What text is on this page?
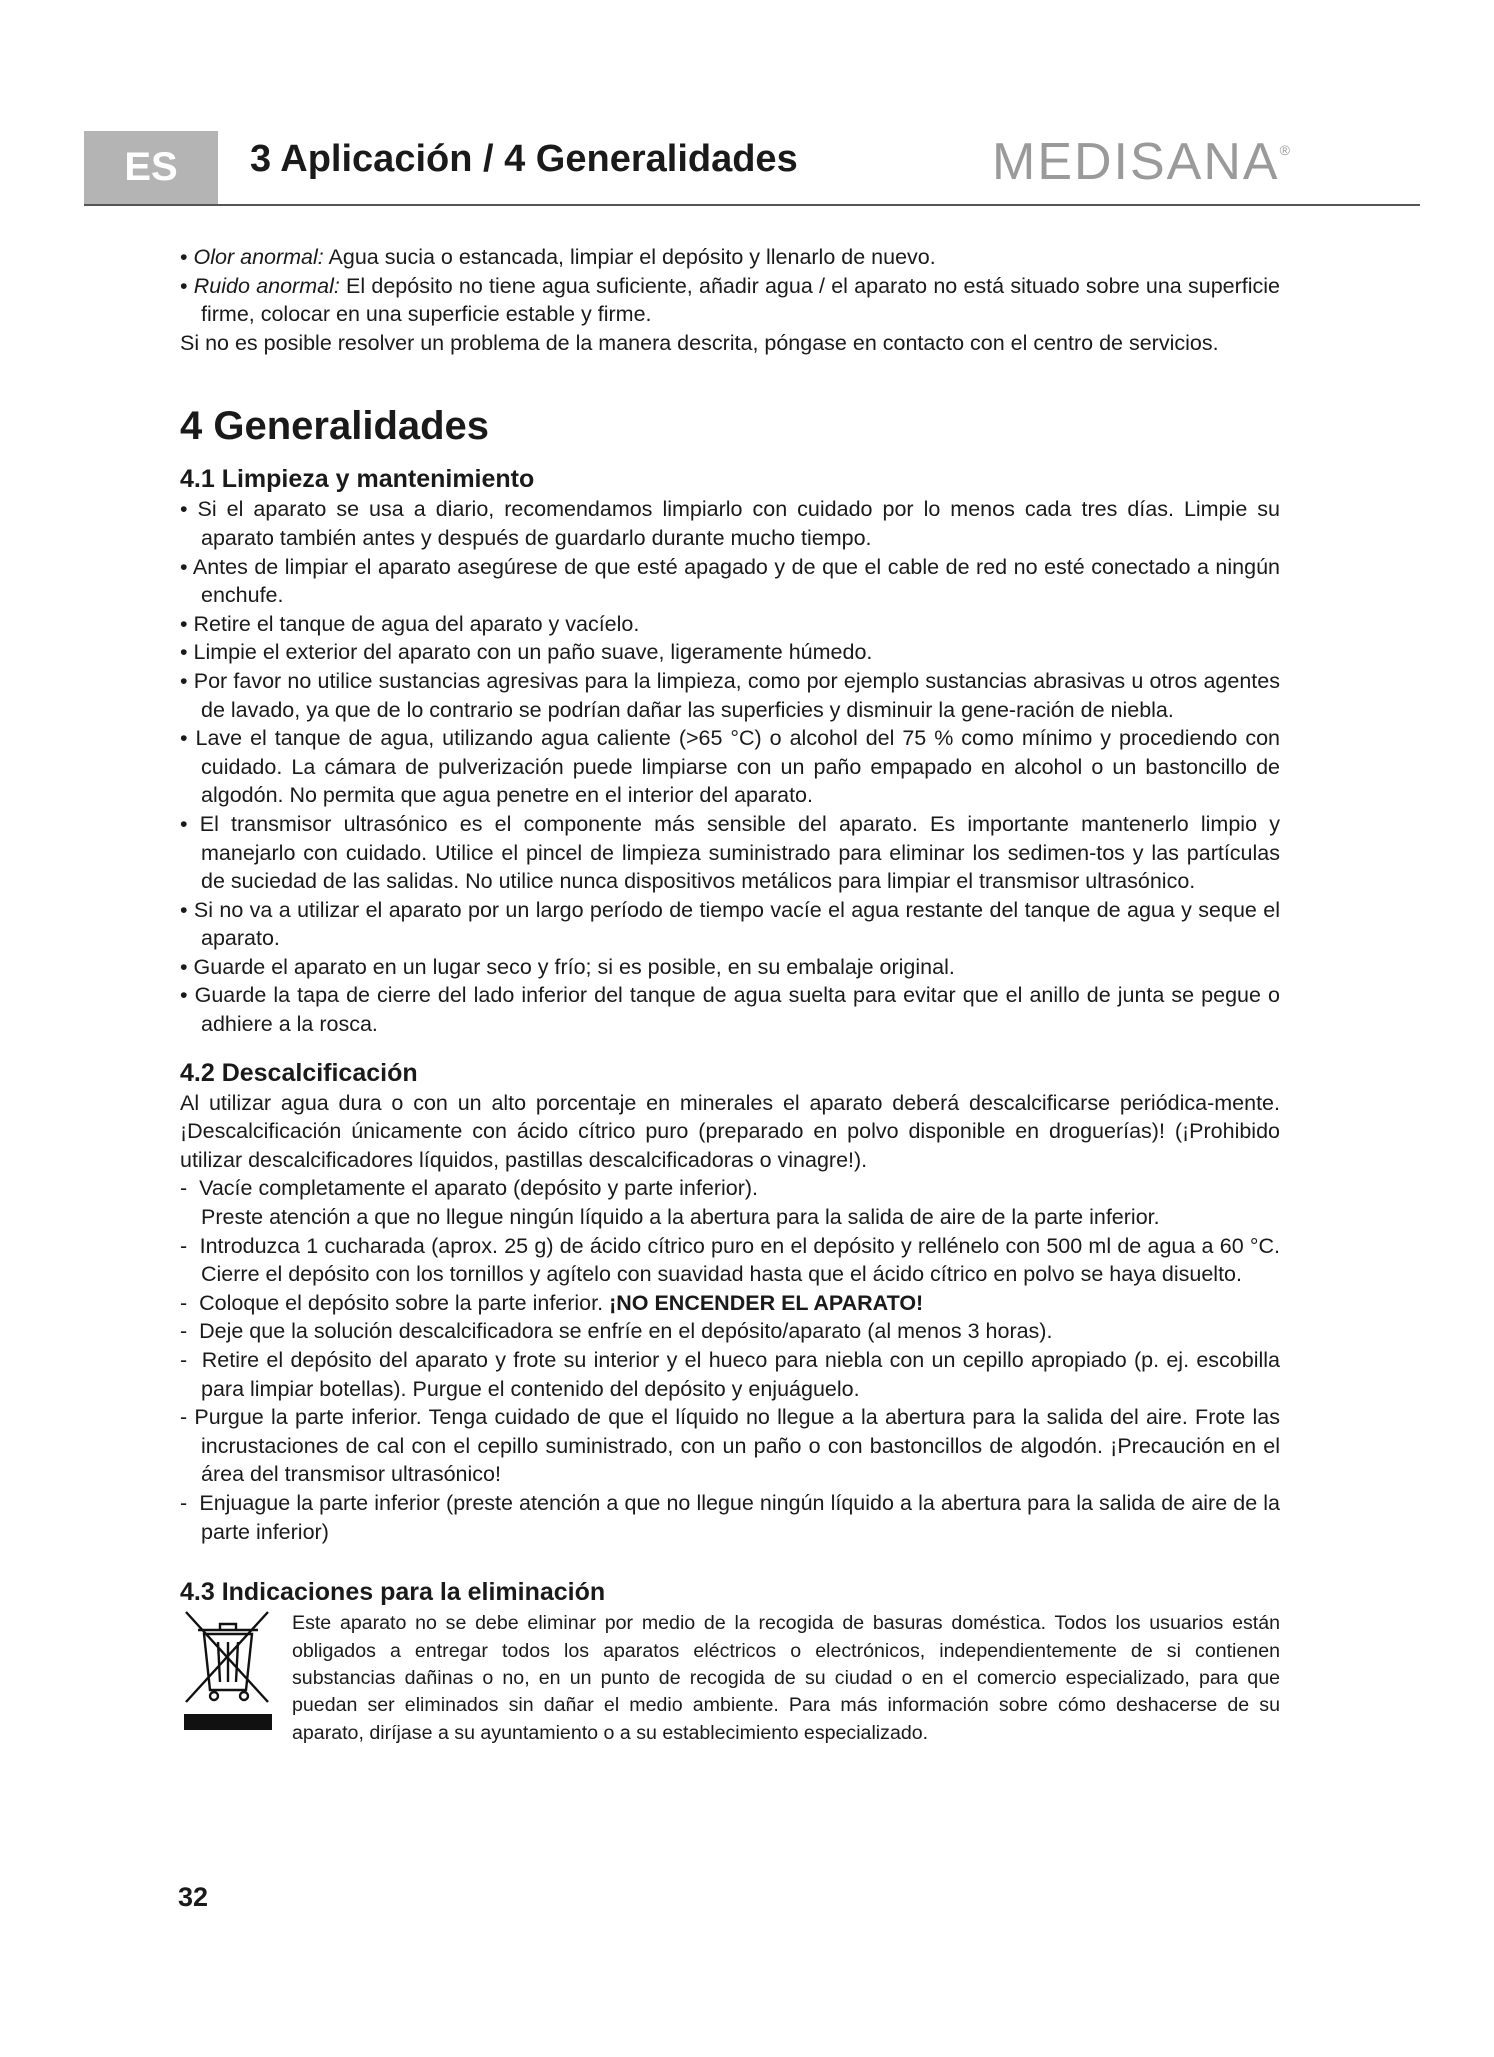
ES	3 Aplicación / 4 Generalidades	MEDISANA®

• Olor anormal: Agua sucia o estancada, limpiar el depósito y llenarlo de nuevo.

• Ruido anormal: El depósito no tiene agua suficiente, añadir agua / el aparato no está situado sobre una superficie firme, colocar en una superficie estable y firme.

Si no es posible resolver un problema de la manera descrita, póngase en contacto con el centro de servicios.

4 Generalidades
4.1 Limpieza y mantenimiento

• Si el aparato se usa a diario, recomendamos limpiarlo con cuidado por lo menos cada tres días. Limpie su aparato también antes y después de guardarlo durante mucho tiempo.

• Antes de limpiar el aparato asegúrese de que esté apagado y de que el cable de red no esté conectado a ningún enchufe.

• Retire el tanque de agua del aparato y vacíelo.

• Limpie el exterior del aparato con un paño suave, ligeramente húmedo.

• Por favor no utilice sustancias agresivas para la limpieza, como por ejemplo sustancias abrasivas u otros agentes de lavado, ya que de lo contrario se podrían dañar las superficies y disminuir la gene-ración de niebla.

• Lave el tanque de agua, utilizando agua caliente (>65 °C) o alcohol del 75 % como mínimo y procediendo con cuidado. La cámara de pulverización puede limpiarse con un paño empapado en alcohol o un bastoncillo de algodón. No permita que agua penetre en el interior del aparato.

• El transmisor ultrasónico es el componente más sensible del aparato. Es importante mantenerlo limpio y manejarlo con cuidado. Utilice el pincel de limpieza suministrado para eliminar los sedimen-tos y las partículas de suciedad de las salidas. No utilice nunca dispositivos metálicos para limpiar el transmisor ultrasónico.

• Si no va a utilizar el aparato por un largo período de tiempo vacíe el agua restante del tanque de agua y seque el aparato.

• Guarde el aparato en un lugar seco y frío; si es posible, en su embalaje original.

• Guarde la tapa de cierre del lado inferior del tanque de agua suelta para evitar que el anillo de junta se pegue o adhiere a la rosca.

4.2 Descalcificación

Al utilizar agua dura o con un alto porcentaje en minerales el aparato deberá descalcificarse periódica-mente. ¡Descalcificación únicamente con ácido cítrico puro (preparado en polvo disponible en droguerías)! (¡Prohibido utilizar descalcificadores líquidos, pastillas descalcificadoras o vinagre!).

-  Vacíe completamente el aparato (depósito y parte inferior).

Preste atención a que no llegue ningún líquido a la abertura para la salida de aire de la parte inferior.

-  Introduzca 1 cucharada (aprox. 25 g) de ácido cítrico puro en el depósito y rellénelo con 500 ml de agua a 60 °C. Cierre el depósito con los tornillos y agítelo con suavidad hasta que el ácido cítrico en polvo se haya disuelto.

-  Coloque el depósito sobre la parte inferior. ¡NO ENCENDER EL APARATO!

-  Deje que la solución descalcificadora se enfríe en el depósito/aparato (al menos 3 horas).

-  Retire el depósito del aparato y frote su interior y el hueco para niebla con un cepillo apropiado (p. ej. escobilla para limpiar botellas). Purgue el contenido del depósito y enjuáguelo.

- Purgue la parte inferior. Tenga cuidado de que el líquido no llegue a la abertura para la salida del aire. Frote las incrustaciones de cal con el cepillo suministrado, con un paño o con bastoncillos de algodón. ¡Precaución en el área del transmisor ultrasónico!

-  Enjuague la parte inferior (preste atención a que no llegue ningún líquido a la abertura para la salida de aire de la parte inferior)

4.3 Indicaciones para la eliminación

Este aparato no se debe eliminar por medio de la recogida de basuras doméstica. Todos los usuarios están obligados a entregar todos los aparatos eléctricos o electrónicos, independientemente de si contienen substancias dañinas o no, en un punto de recogida de su ciudad o en el comercio especializado, para que puedan ser eliminados sin dañar el medio ambiente. Para más información sobre cómo deshacerse de su aparato, diríjase a su ayuntamiento o a su establecimiento especializado.

32
